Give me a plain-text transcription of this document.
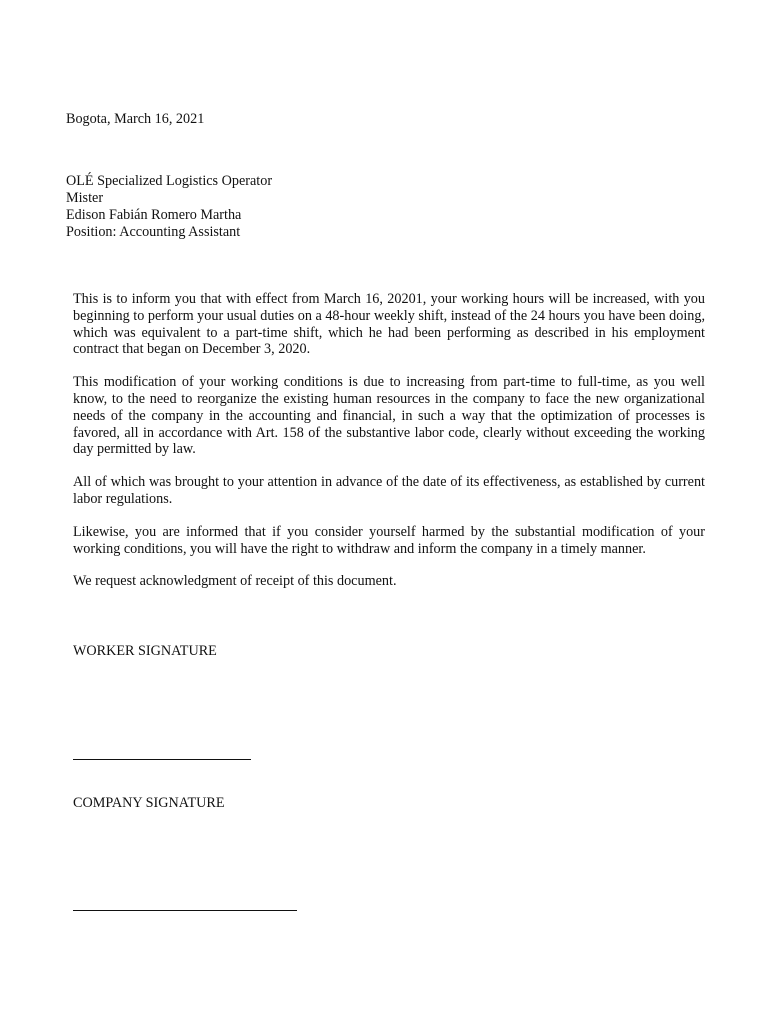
Bogota, March 16, 2021
OLÉ Specialized Logistics Operator
Mister
Edison Fabián Romero Martha
Position: Accounting Assistant

This is to inform you that with effect from March 16, 20201, your working hours will be increased, with you beginning to perform your usual duties on a 48-hour weekly shift, instead of the 24 hours you have been doing, which was equivalent to a part-time shift, which he had been performing as described in his employment contract that began on December 3, 2020.

This modification of your working conditions is due to increasing from part-time to full-time, as you well know, to the need to reorganize the existing human resources in the company to face the new organizational needs of the company in the accounting and financial, in such a way that the optimization of processes is favored, all in accordance with Art. 158 of the substantive labor code, clearly without exceeding the working day permitted by law.

All of which was brought to your attention in advance of the date of its effectiveness, as established by current labor regulations.

Likewise, you are informed that if you consider yourself harmed by the substantial modification of your working conditions, you will have the right to withdraw and inform the company in a timely manner.

We request acknowledgment of receipt of this document.

WORKER SIGNATURE
COMPANY SIGNATURE
